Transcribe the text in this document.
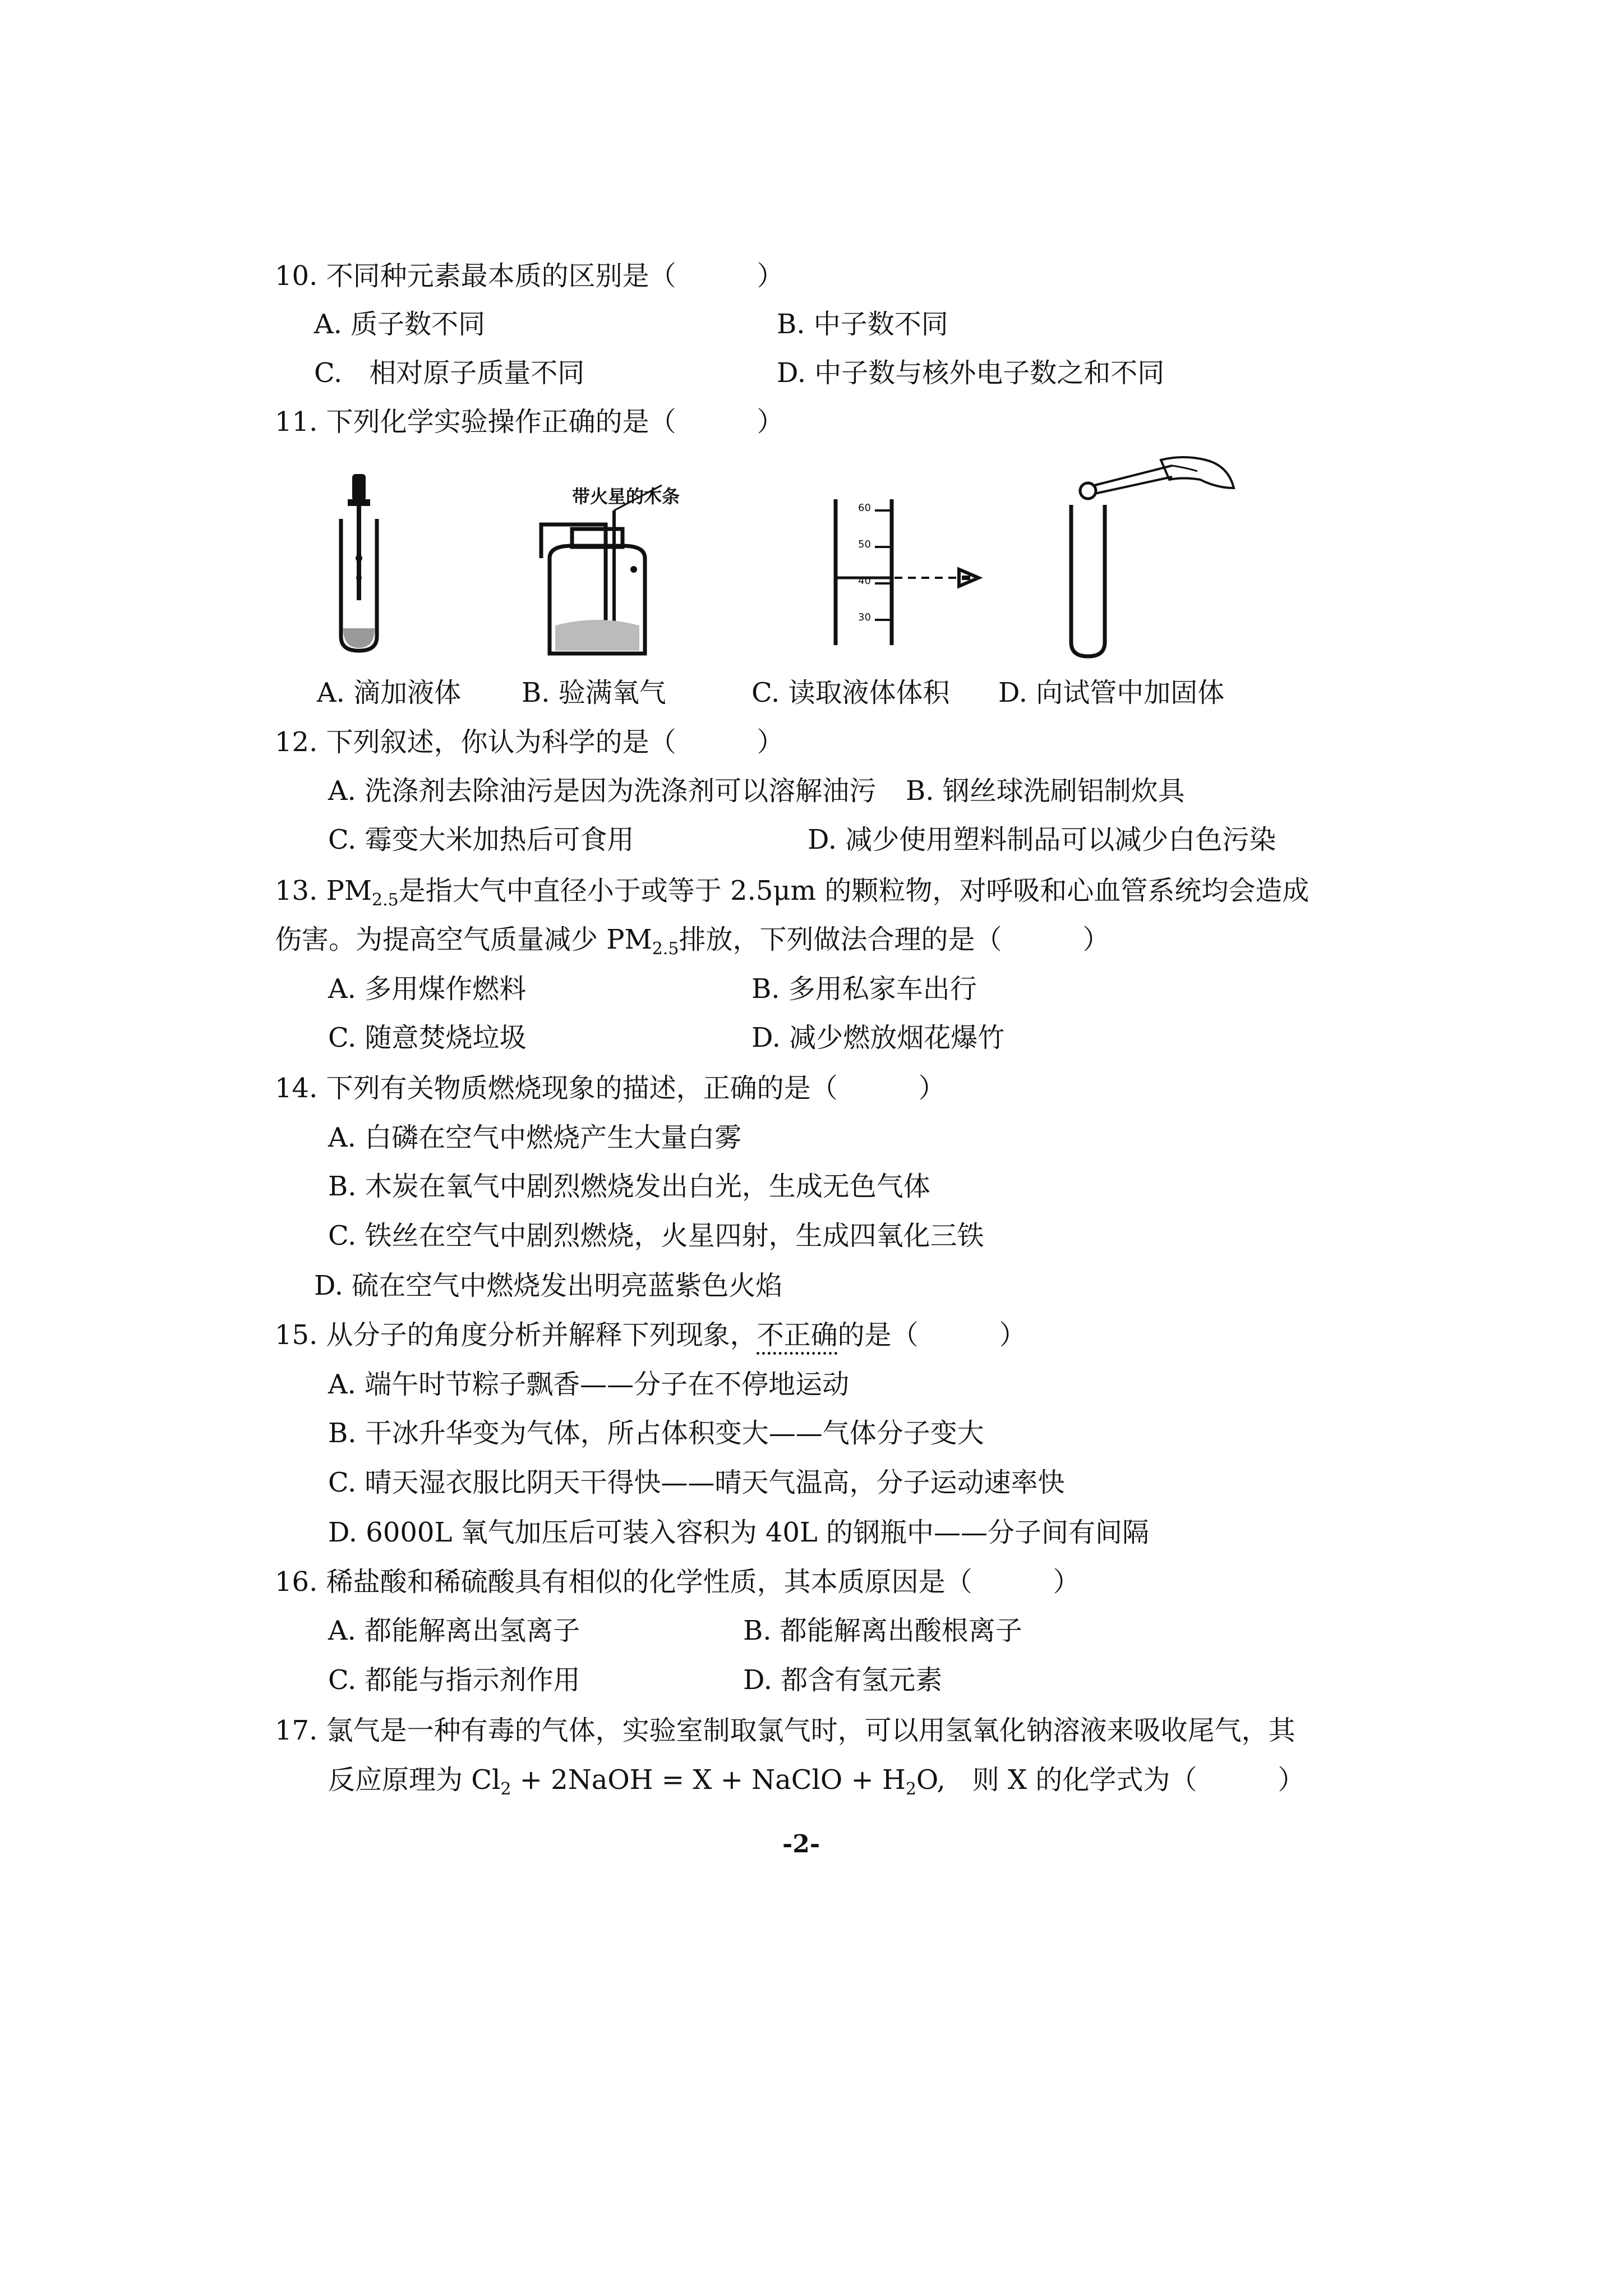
10. 不同种元素最本质的区别是（　　　）
A. 质子数不同	B. 中子数不同
C.　相对原子质量不同	D. 中子数与核外电子数之和不同
11. 下列化学实验操作正确的是（　　　）
带火星的木条
60
50
40
30
A. 滴加液体 B. 验满氧气	C. 读取液体体积 D. 向试管中加固体
12. 下列叙述，你认为科学的是（　　　）
A. 洗涤剂去除油污是因为洗涤剂可以溶解油污 B. 钢丝球洗刷铝制炊具
C. 霉变大米加热后可食用	D. 减少使用塑料制品可以减少白色污染
13. $PM_{2.5}$是指大气中直径小于或等于 2.5μm 的颗粒物，对呼吸和心血管系统均会造成
伤害。为提高空气质量减少 $PM_{2.5}$排放，下列做法合理的是（　　　）
A. 多用煤作燃料	B. 多用私家车出行
C. 随意焚烧垃圾	D. 减少燃放烟花爆竹
14. 下列有关物质燃烧现象的描述，正确的是（　　　）
A. 白磷在空气中燃烧产生大量白雾
B. 木炭在氧气中剧烈燃烧发出白光，生成无色气体
C. 铁丝在空气中剧烈燃烧，火星四射，生成四氧化三铁
D. 硫在空气中燃烧发出明亮蓝紫色火焰
15. 从分子的角度分析并解释下列现象，不正确的是（　　　）
A. 端午时节粽子飘香——分子在不停地运动
B. 干冰升华变为气体，所占体积变大——气体分子变大
C. 晴天湿衣服比阴天干得快——晴天气温高，分子运动速率快
D. 6000L 氧气加压后可装入容积为 40L 的钢瓶中——分子间有间隔
16. 稀盐酸和稀硫酸具有相似的化学性质，其本质原因是（　　　）
A. 都能解离出氢离子	B. 都能解离出酸根离子
C. 都能与指示剂作用	D. 都含有氢元素
17. 氯气是一种有毒的气体，实验室制取氯气时，可以用氢氧化钠溶液来吸收尾气，其
反应原理为 $Cl_2$ + 2NaOH = X + NaClO + $H_2O$,　则 X 的化学式为（　　　）
-2-
